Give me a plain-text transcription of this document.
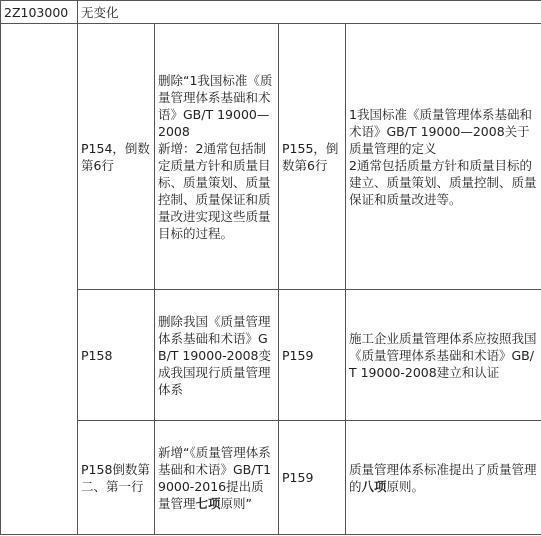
2Z103000	无变化			
	P154，倒数第6行	删除“1我国标准《质量管理体系基础和术语》GB/T 19000—2008
新增：2通常包括制定质量方针和质量目标、质量策划、质量控制、质量保证和质量改进实现这些质量目标的过程。	P155，倒数第6行	1我国标准《质量管理体系基础和术语》GB/T 19000—2008关于质量管理的定义
2通常包括质量方针和质量目标的建立、质量策划、质量控制、质量保证和质量改进等。

	P158	删除我国《质量管理体系基础和术语》GB/T 19000-2008变成我国现行质量管理体系	P159	施工企业质量管理体系应按照我国《质量管理体系基础和术语》GB/T 19000-2008建立和认证
	P158倒数第二、第一行	新增“《质量管理体系 基础和术语》GB/T19000-2016提出质量管理七项原则”	P159	质量管理体系标准提出了质量管理的八项原则。
